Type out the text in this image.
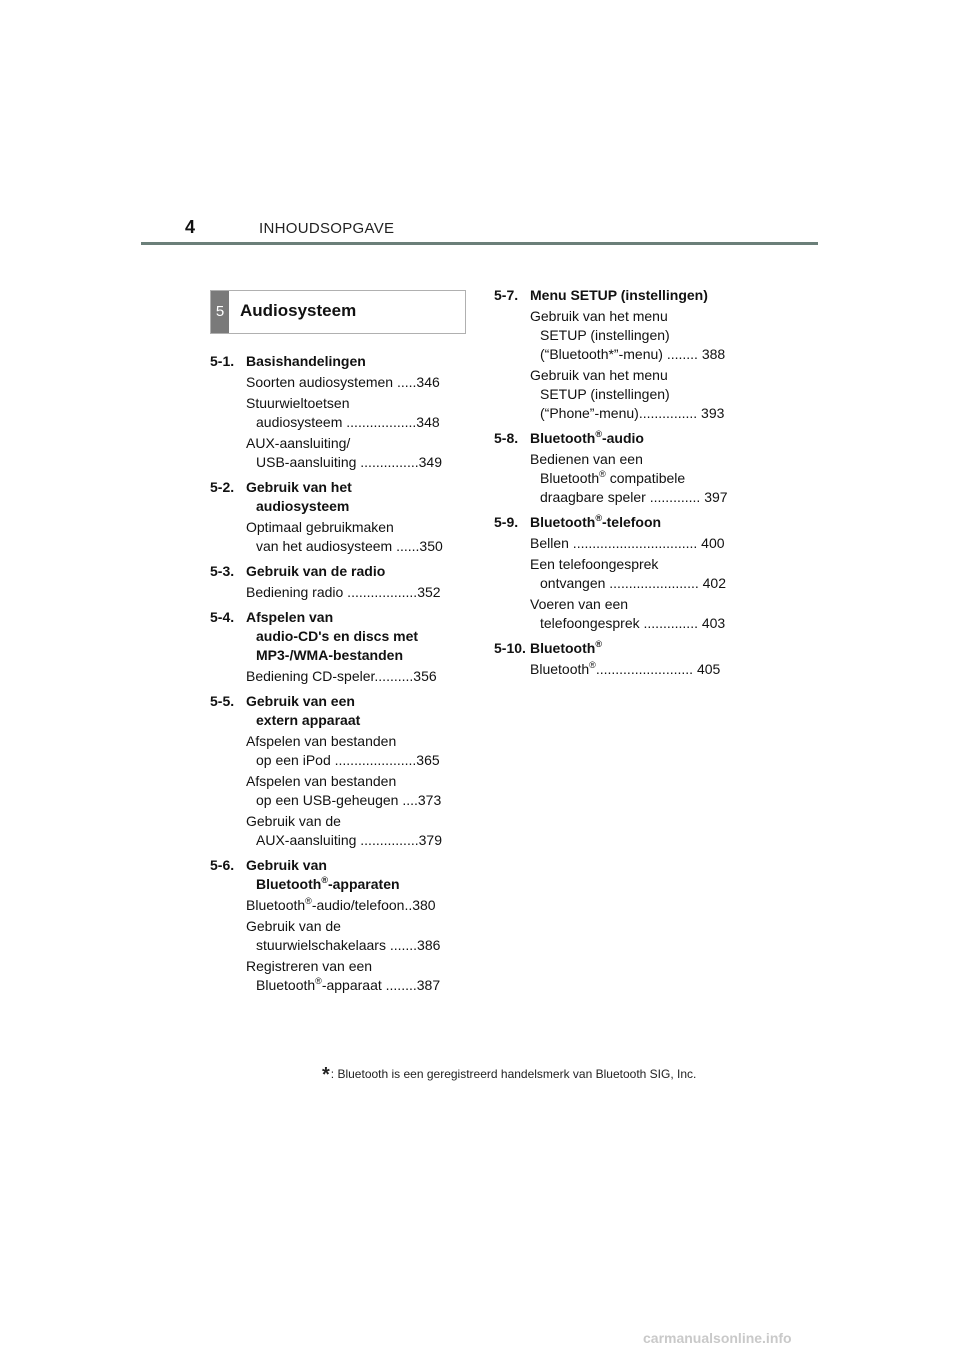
4	INHOUDSOPGAVE
5 Audiosysteem
5-1. Basishandelingen
Soorten audiosystemen .....346
Stuurwieltoetsen
audiosysteem ..................348
AUX-aansluiting/
USB-aansluiting ...............349
5-2. Gebruik van het
audiosysteem
Optimaal gebruikmaken
van het audiosysteem ......350
5-3. Gebruik van de radio
Bediening radio ..................352
5-4. Afspelen van
audio-CD's en discs met
MP3-/WMA-bestanden
Bediening CD-speler..........356
5-5. Gebruik van een
extern apparaat
Afspelen van bestanden
op een iPod .....................365
Afspelen van bestanden
op een USB-geheugen ....373
Gebruik van de
AUX-aansluiting ...............379
5-6. Gebruik van
Bluetooth®-apparaten
Bluetooth®-audio/telefoon..380
Gebruik van de
stuurwielschakelaars .......386
Registreren van een
Bluetooth®-apparaat ........387
5-7. Menu SETUP (instellingen)
Gebruik van het menu
SETUP (instellingen)
(“Bluetooth*”-menu) ........ 388
Gebruik van het menu
SETUP (instellingen)
(“Phone”-menu)............... 393
5-8. Bluetooth®-audio
Bedienen van een
Bluetooth® compatibele
draagbare speler ............. 397
5-9. Bluetooth®-telefoon
Bellen ................................ 400
Een telefoongesprek
ontvangen ....................... 402
Voeren van een
telefoongesprek .............. 403
5-10. Bluetooth®
Bluetooth®......................... 405
*: Bluetooth is een geregistreerd handelsmerk van Bluetooth SIG, Inc.
carmanualsonline.info
